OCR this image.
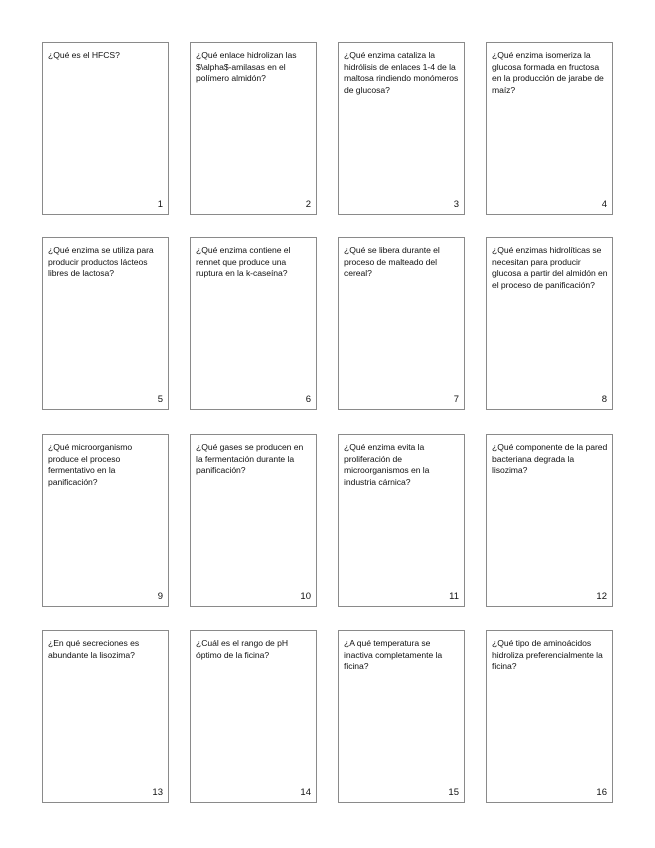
¿Qué es el HFCS?
1
¿Qué enlace hidrolizan las $\alpha$-amilasas en el polímero almidón?
2
¿Qué enzima cataliza la hidrólisis de enlaces 1-4 de la maltosa rindiendo monómeros de glucosa?
3
¿Qué enzima isomeriza la glucosa formada en fructosa en la producción de jarabe de maíz?
4
¿Qué enzima se utiliza para producir productos lácteos libres de lactosa?
5
¿Qué enzima contiene el rennet que produce una ruptura en la k-caseína?
6
¿Qué se libera durante el proceso de malteado del cereal?
7
¿Qué enzimas hidrolíticas se necesitan para producir glucosa a partir del almidón en el proceso de panificación?
8
¿Qué microorganismo produce el proceso fermentativo en la panificación?
9
¿Qué gases se producen en la fermentación durante la panificación?
10
¿Qué enzima evita la proliferación de microorganismos en la industria cárnica?
11
¿Qué componente de la pared bacteriana degrada la lisozima?
12
¿En qué secreciones es abundante la lisozima?
13
¿Cuál es el rango de pH óptimo de la ficina?
14
¿A qué temperatura se inactiva completamente la ficina?
15
¿Qué tipo de aminoácidos hidroliza preferencialmente la ficina?
16
